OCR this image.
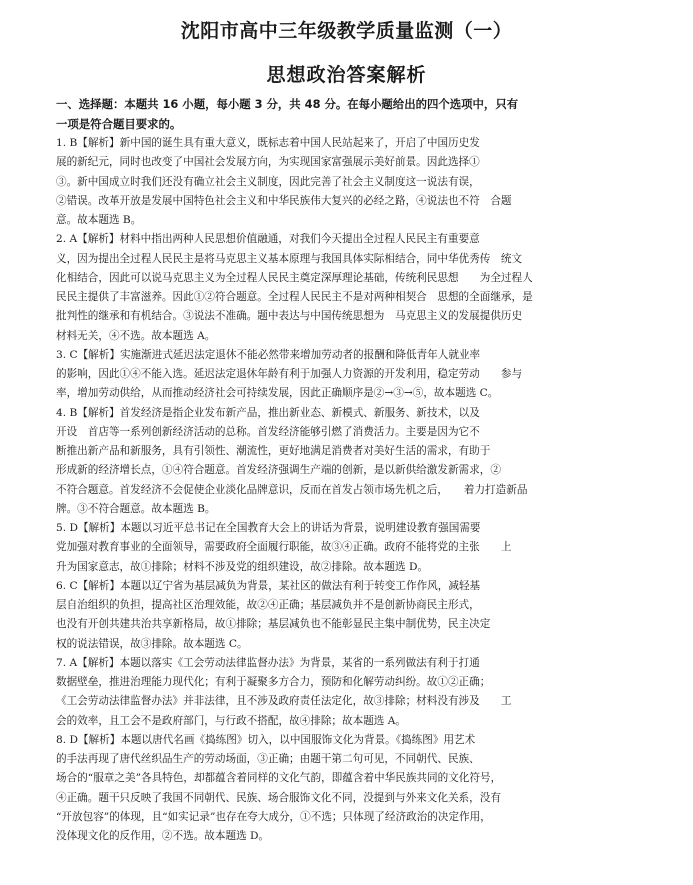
沈阳市高中三年级教学质量监测（一）
思想政治答案解析
一、选择题：本题共 16 小题，每小题 3 分，共 48 分。在每小题给出的四个选项中，只有
一项是符合题目要求的。
1. B【解析】新中国的诞生具有重大意义，既标志着中国人民站起来了，开启了中国历史发
展的新纪元，同时也改变了中国社会发展方向，为实现国家富强展示美好前景。因此选择①
③。新中国成立时我们还没有确立社会主义制度，因此完善了社会主义制度这一说法有误，
②错误。改革开放是发展中国特色社会主义和中华民族伟大复兴的必经之路，④说法也不符　合题
意。故本题选 B。
2. A【解析】材料中指出两种人民思想价值融通，对我们今天提出全过程人民民主有重要意
义，因为提出全过程人民民主是将马克思主义基本原理与我国具体实际相结合，同中华优秀传　统文
化相结合，因此可以说马克思主义为全过程人民民主奠定深厚理论基础，传统利民思想　　为全过程人
民民主提供了丰富滋养。因此①②符合题意。全过程人民民主不是对两种相契合　思想的全面继承，是
批判性的继承和有机结合。③说法不准确。题中表达与中国传统思想为　马克思主义的发展提供历史
材料无关，④不选。故本题选 A。
3. C【解析】实施渐进式延迟法定退休不能必然带来增加劳动者的报酬和降低青年人就业率
的影响，因此①④不能入选。延迟法定退休年龄有利于加强人力资源的开发利用，稳定劳动　　参与
率，增加劳动供给，从而推动经济社会可持续发展，因此正确顺序是②→③→⑤，故本题选 C。
4. B【解析】首发经济是指企业发布新产品，推出新业态、新模式、新服务、新技术，以及
开设　首店等一系列创新经济活动的总称。首发经济能够引燃了消费活力。主要是因为它不
断推出新产品和新服务，具有引领性、潮流性，更好地满足消费者对美好生活的需求，有助于
形成新的经济增长点，①④符合题意。首发经济强调生产端的创新，是以新供给激发新需求，②
不符合题意。首发经济不会促使企业淡化品牌意识，反而在首发占领市场先机之后，　　着力打造新品
牌。③不符合题意。故本题选 B。
5. D【解析】本题以习近平总书记在全国教育大会上的讲话为背景，说明建设教育强国需要
党加强对教育事业的全面领导，需要政府全面履行职能，故③④正确。政府不能将党的主张　　上
升为国家意志，故①排除；材料不涉及党的组织建设，故②排除。故本题选 D。
6. C【解析】本题以辽宁省为基层减负为背景，某社区的做法有利于转变工作作风，减轻基
层自治组织的负担，提高社区治理效能，故②④正确；基层减负并不是创新协商民主形式，
也没有开创共建共治共享新格局，故①排除；基层减负也不能彰显民主集中制优势，民主决定
权的说法错误，故③排除。故本题选 C。
7. A【解析】本题以落实《工会劳动法律监督办法》为背景，某省的一系列做法有利于打通
数据壁垒，推进治理能力现代化；有利于凝聚多方合力，预防和化解劳动纠纷。故①②正确；
《工会劳动法律监督办法》并非法律，且不涉及政府责任法定化，故③排除；材料没有涉及　　工
会的效率，且工会不是政府部门，与行政不搭配，故④排除；故本题选 A。
8. D【解析】本题以唐代名画《捣练图》切入，以中国服饰文化为背景。《捣练图》用艺术
的手法再现了唐代丝织品生产的劳动场面，③正确；由题干第二句可见，不同朝代、民族、
场合的“服章之美”各具特色，却都蕴含着同样的文化气韵，即蕴含着中华民族共同的文化符号，
④正确。题干只反映了我国不同朝代、民族、场合服饰文化不同，没提到与外来文化关系，没有
“开放包容”的体现，且“如实记录”也存在夸大成分，①不选；只体现了经济政治的决定作用，
没体现文化的反作用，②不选。故本题选 D。
